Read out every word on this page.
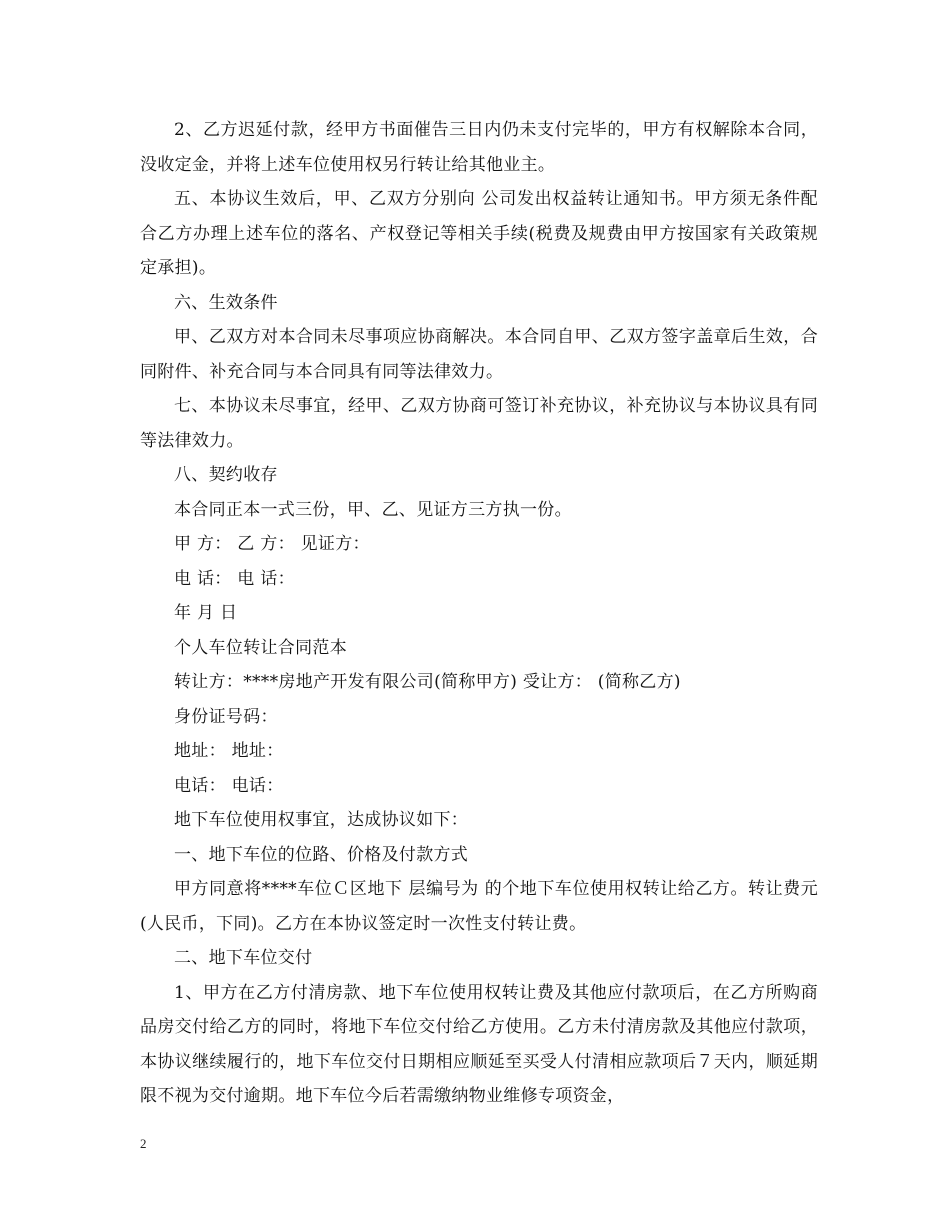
2、乙方迟延付款，经甲方书面催告三日内仍未支付完毕的，甲方有权解除本合同，没收定金，并将上述车位使用权另行转让给其他业主。

五、本协议生效后，甲、乙双方分别向 公司发出权益转让通知书。甲方须无条件配合乙方办理上述车位的落名、产权登记等相关手续(税费及规费由甲方按国家有关政策规定承担)。

六、生效条件

甲、乙双方对本合同未尽事项应协商解决。本合同自甲、乙双方签字盖章后生效，合同附件、补充合同与本合同具有同等法律效力。

七、本协议未尽事宜，经甲、乙双方协商可签订补充协议，补充协议与本协议具有同等法律效力。

八、契约收存

本合同正本一式三份，甲、乙、见证方三方执一份。

甲 方： 乙 方： 见证方：

电 话： 电 话：

年 月 日

个人车位转让合同范本

转让方：****房地产开发有限公司(简称甲方) 受让方： (简称乙方)

身份证号码：

地址： 地址：

电话： 电话：

地下车位使用权事宜，达成协议如下：

一、地下车位的位路、价格及付款方式

甲方同意将****车位Ｃ区地下 层编号为 的个地下车位使用权转让给乙方。转让费元(人民币，下同)。乙方在本协议签定时一次性支付转让费。

二、地下车位交付

1、甲方在乙方付清房款、地下车位使用权转让费及其他应付款项后，在乙方所购商品房交付给乙方的同时，将地下车位交付给乙方使用。乙方未付清房款及其他应付款项，本协议继续履行的，地下车位交付日期相应顺延至买受人付清相应款项后７天内，顺延期限不视为交付逾期。地下车位今后若需缴纳物业维修专项资金，

2
